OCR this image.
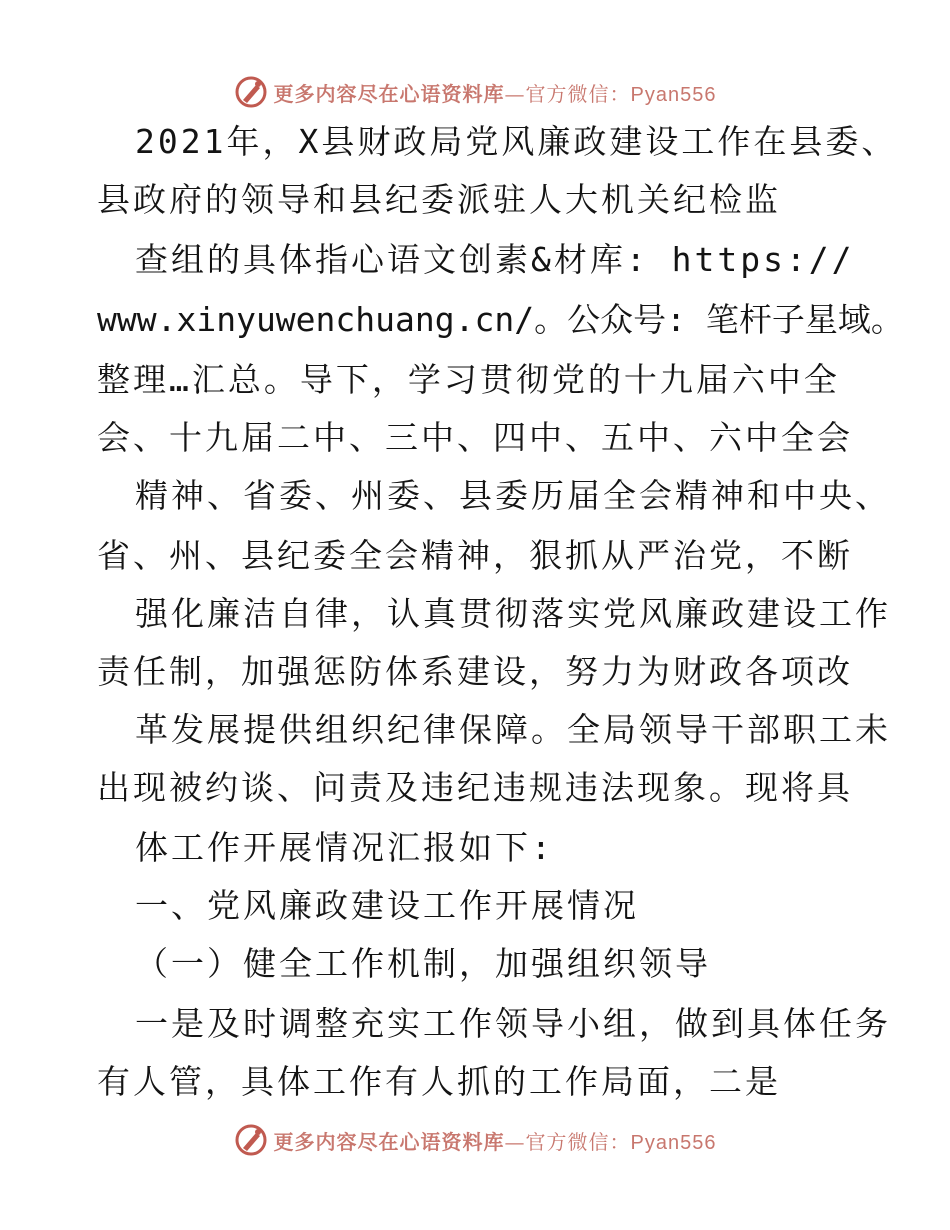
更多内容尽在心语资料库—官方微信：Pyan556
2021年，X县财政局党风廉政建设工作在县委、
县政府的领导和县纪委派驻人大机关纪检监
查组的具体指心语文创素&材库: https://
www.xinyuwenchuang.cn/。公众号: 笔杆子星域。
整理…汇总。导下，学习贯彻党的十九届六中全
会、十九届二中、三中、四中、五中、六中全会
精神、省委、州委、县委历届全会精神和中央、
省、州、县纪委全会精神，狠抓从严治党，不断
强化廉洁自律，认真贯彻落实党风廉政建设工作
责任制，加强惩防体系建设，努力为财政各项改
革发展提供组织纪律保障。全局领导干部职工未
出现被约谈、问责及违纪违规违法现象。现将具
体工作开展情况汇报如下:
一、党风廉政建设工作开展情况
（一）健全工作机制，加强组织领导
一是及时调整充实工作领导小组，做到具体任务
有人管，具体工作有人抓的工作局面，二是
更多内容尽在心语资料库—官方微信：Pyan556
